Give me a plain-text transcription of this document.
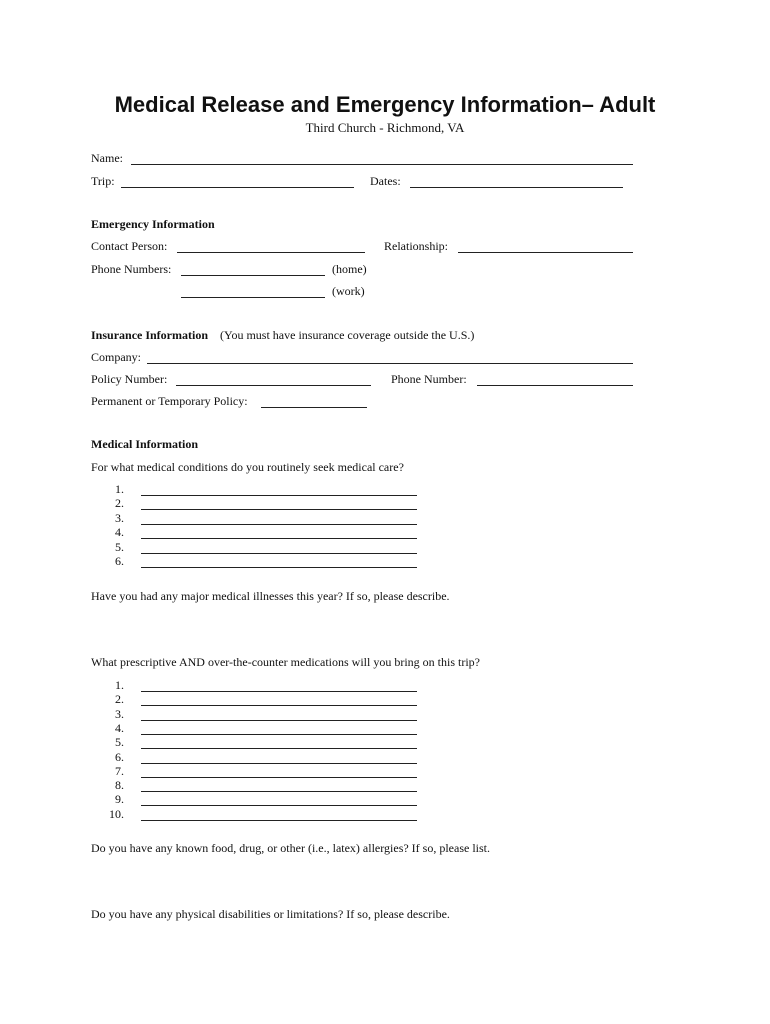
Medical Release and Emergency Information– Adult
Third Church - Richmond, VA
Name:
Trip:	Dates:
Emergency Information
Contact Person:	Relationship:
Phone Numbers:	(home)
(work)
Insurance Information (You must have insurance coverage outside the U.S.)
Company:
Policy Number:	Phone Number:
Permanent or Temporary Policy:
Medical Information
For what medical conditions do you routinely seek medical care?
1.
2.
3.
4.
5.
6.
Have you had any major medical illnesses this year? If so, please describe.
What prescriptive AND over-the-counter medications will you bring on this trip?
1.
2.
3.
4.
5.
6.
7.
8.
9.
10.
Do you have any known food, drug, or other (i.e., latex) allergies? If so, please list.
Do you have any physical disabilities or limitations? If so, please describe.
